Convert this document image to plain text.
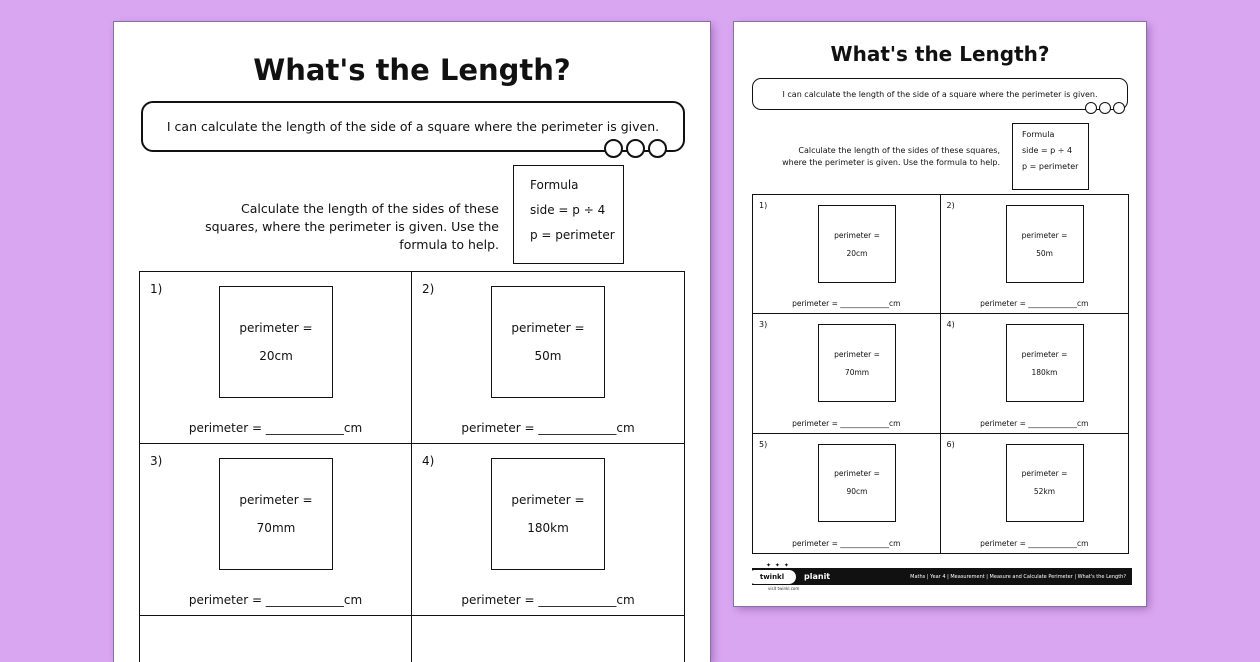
What's the Length?
I can calculate the length of the side of a square where the perimeter is given.
Calculate the length of the sides of these squares, where the perimeter is given. Use the formula to help.
Formula
side = p ÷ 4
p = perimeter
1)
perimeter =
20cm
perimeter = _____________cm
2)
perimeter =
50m
perimeter = _____________cm
3)
perimeter =
70mm
perimeter = _____________cm
4)
perimeter =
180km
perimeter = _____________cm
What's the Length?
I can calculate the length of the side of a square where the perimeter is given.
Calculate the length of the sides of these squares, where the perimeter is given. Use the formula to help.
Formula
side = p ÷ 4
p = perimeter
1)
perimeter =
20cm
perimeter = _____________cm
2)
perimeter =
50m
perimeter = _____________cm
3)
perimeter =
70mm
perimeter = _____________cm
4)
perimeter =
180km
perimeter = _____________cm
5)
perimeter =
90cm
perimeter = _____________cm
6)
perimeter =
52km
perimeter = _____________cm
✦ ✦ ✦
twinkl	planit
visit twinkl.com
Maths | Year 4 | Measurement | Measure and Calculate Perimeter | What's the Length?
